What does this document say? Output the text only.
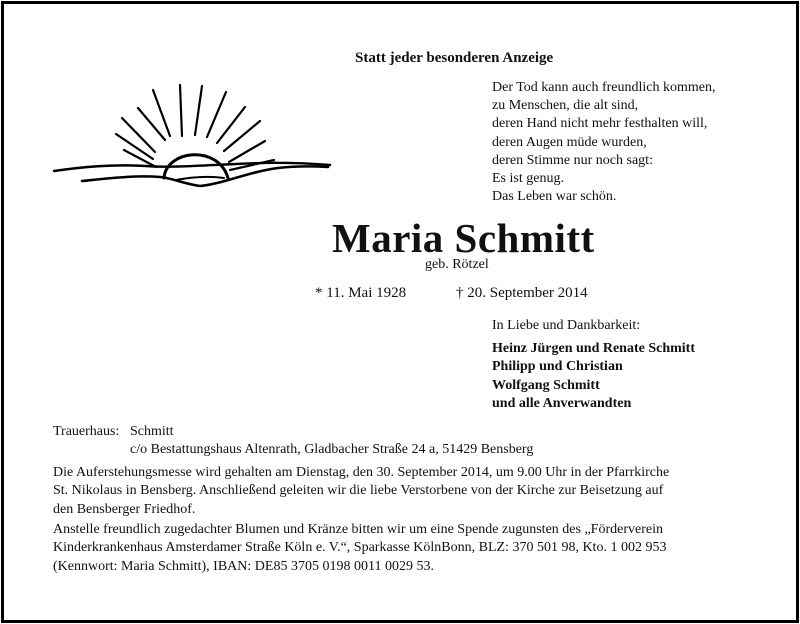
Statt jeder besonderen Anzeige
Der Tod kann auch freundlich kommen,
zu Menschen, die alt sind,
deren Hand nicht mehr festhalten will,
deren Augen müde wurden,
deren Stimme nur noch sagt:
Es ist genug.
Das Leben war schön.
Maria Schmitt
geb. Rötzel
* 11. Mai 1928	† 20. September 2014
In Liebe und Dankbarkeit:
Heinz Jürgen und Renate Schmitt
Philipp und Christian
Wolfgang Schmitt
und alle Anverwandten
Trauerhaus: Schmitt
c/o Bestattungshaus Altenrath, Gladbacher Straße 24 a, 51429 Bensberg
Die Auferstehungsmesse wird gehalten am Dienstag, den 30. September 2014, um 9.00 Uhr in der Pfarrkirche
St. Nikolaus in Bensberg. Anschließend geleiten wir die liebe Verstorbene von der Kirche zur Beisetzung auf
den Bensberger Friedhof.
Anstelle freundlich zugedachter Blumen und Kränze bitten wir um eine Spende zugunsten des „Förderverein
Kinderkrankenhaus Amsterdamer Straße Köln e. V.“, Sparkasse KölnBonn, BLZ: 370 501 98, Kto. 1 002 953
(Kennwort: Maria Schmitt), IBAN: DE85 3705 0198 0011 0029 53.
